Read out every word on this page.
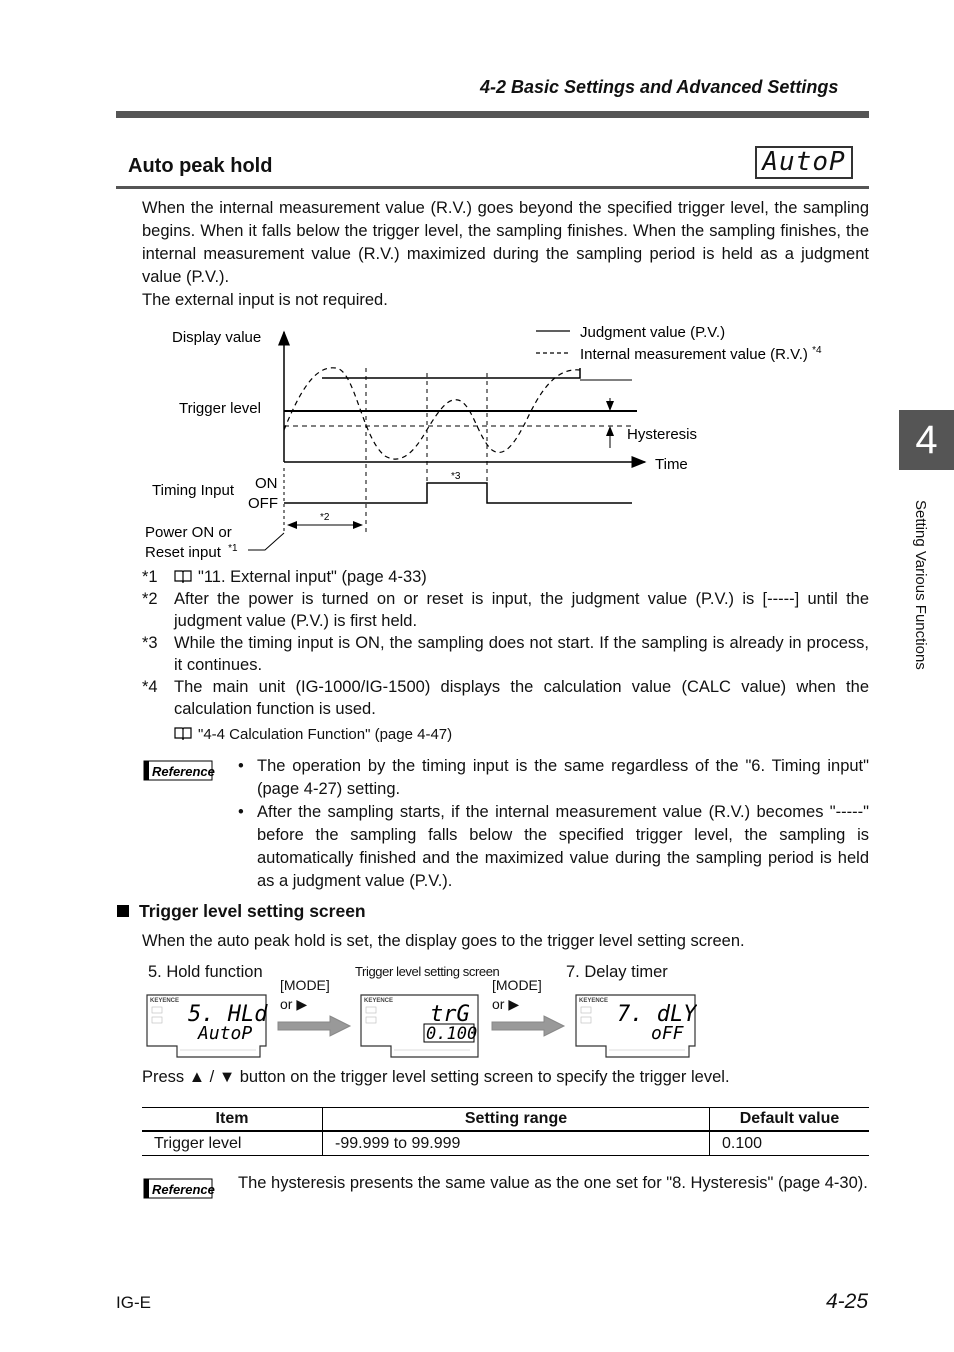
4-2 Basic Settings and Advanced Settings
Auto peak hold	AutoP

When the internal measurement value (R.V.) goes beyond the specified trigger level, the sampling begins. When it falls below the trigger level, the sampling finishes. When the sampling finishes, the internal measurement value (R.V.) maximized during the sampling period is held as a judgment value (P.V.).

The external input is not required.

4
Setting Various Functions
Display value
Trigger level
Timing Input ON
OFF
Power ON or
Reset input $^{*1}$
Judgment value (P.V.)
Internal measurement value (R.V.) $^{*4}$
Hysteresis
Time
*2
*3

*1 "11. External input" (page 4-33)

*2 After the power is turned on or reset is input, the judgment value (P.V.) is [-----] until the judgment value (P.V.) is first held.

*3 While the timing input is ON, the sampling does not start. If the sampling is already in process, it continues.

*4 The main unit (IG-1000/IG-1500) displays the calculation value (CALC value) when the calculation function is used.

"4-4 Calculation Function" (page 4-47)

Reference • The operation by the timing input is the same regardless of the "6. Timing input" (page 4-27) setting.

• After the sampling starts, if the internal measurement value (R.V.) becomes "-----" before the sampling falls below the specified trigger level, the sampling is automatically finished and the maximized value during the sampling period is held as a judgment value (P.V.).

Trigger level setting screen
When the auto peak hold is set, the display goes to the trigger level setting screen.
5. Hold function	Trigger level setting screen	7. Delay timer
[MODE]
or ▶
[MODE]
or ▶
KEYENCE
5. HLd
AutoP
KEYENCE
trG
0.100
KEYENCE
7. dLY
oFF
Press ▲ / ▼ button on the trigger level setting screen to specify the trigger level.
Item	Setting range	Default value
Trigger level	-99.999 to 99.999	0.100
Reference The hysteresis presents the same value as the one set for "8. Hysteresis" (page 4-30).
IG-E	4-25
